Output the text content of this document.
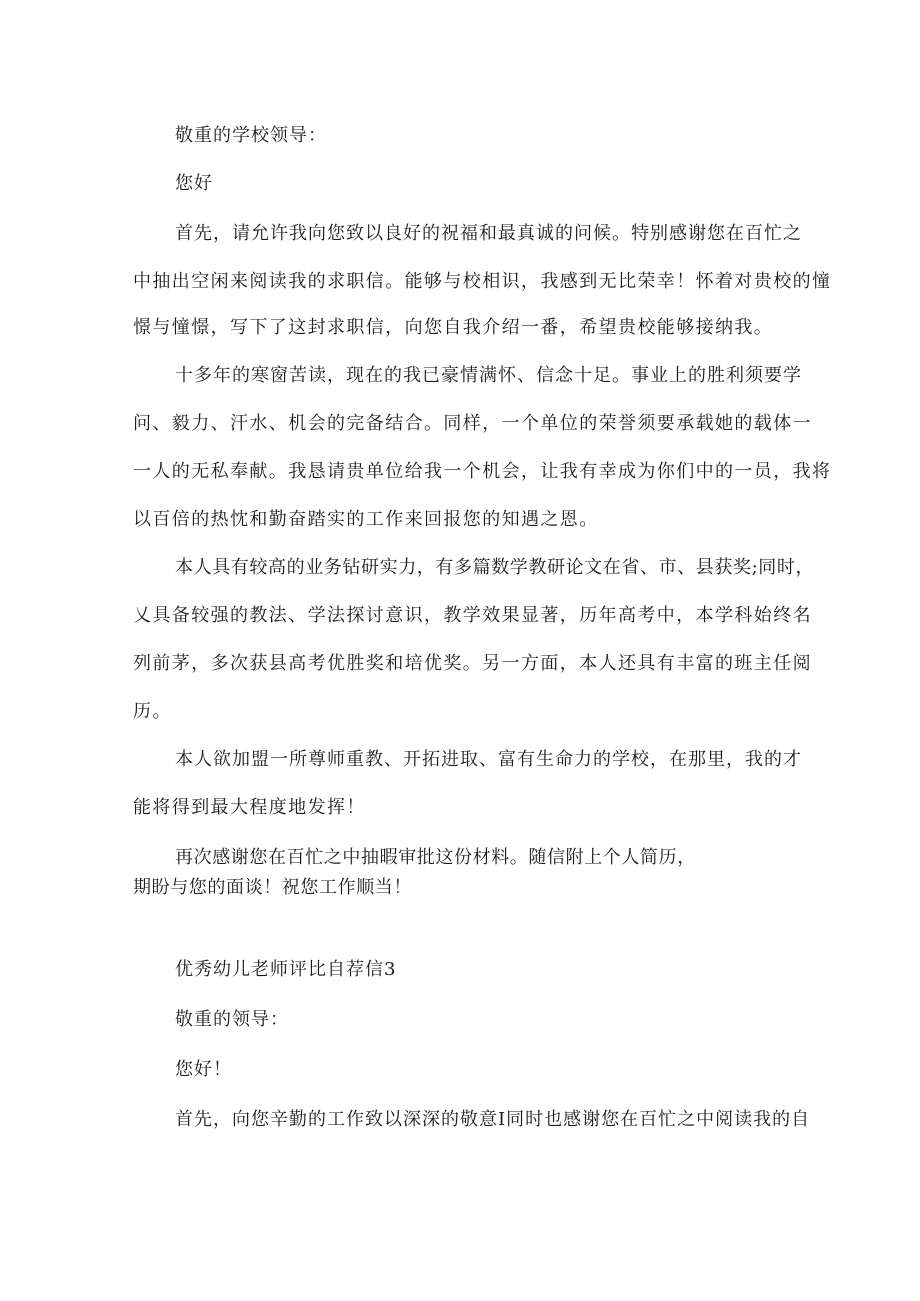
敬重的学校领导：
您好
首先，请允许我向您致以良好的祝福和最真诚的问候。特别感谢您在百忙之
中抽出空闲来阅读我的求职信。能够与校相识，我感到无比荣幸！怀着对贵校的憧
憬与憧憬，写下了这封求职信，向您自我介绍一番，希望贵校能够接纳我。
十多年的寒窗苦读，现在的我已豪情满怀、信念十足。事业上的胜利须要学
问、毅力、汗水、机会的完备结合。同样，一个单位的荣誉须要承载她的载体一
一人的无私奉献。我恳请贵单位给我一个机会，让我有幸成为你们中的一员，我将
以百倍的热忱和勤奋踏实的工作来回报您的知遇之恩。
本人具有较高的业务钻研实力，有多篇数学教研论文在省、市、县获奖;同时，
乂具备较强的教法、学法探讨意识，教学效果显著，历年高考中，本学科始终名
列前茅，多次获县高考优胜奖和培优奖。另一方面，本人还具有丰富的班主任阅
历。
本人欲加盟一所尊师重教、开拓进取、富有生命力的学校，在那里，我的才
能将得到最大程度地发挥！
再次感谢您在百忙之中抽暇审批这份材料。随信附上个人简历，
期盼与您的面谈！祝您工作顺当！
优秀幼儿老师评比自荐信3
敬重的领导：
您好！
首先，向您辛勤的工作致以深深的敬意I同时也感谢您在百忙之中阅读我的自
